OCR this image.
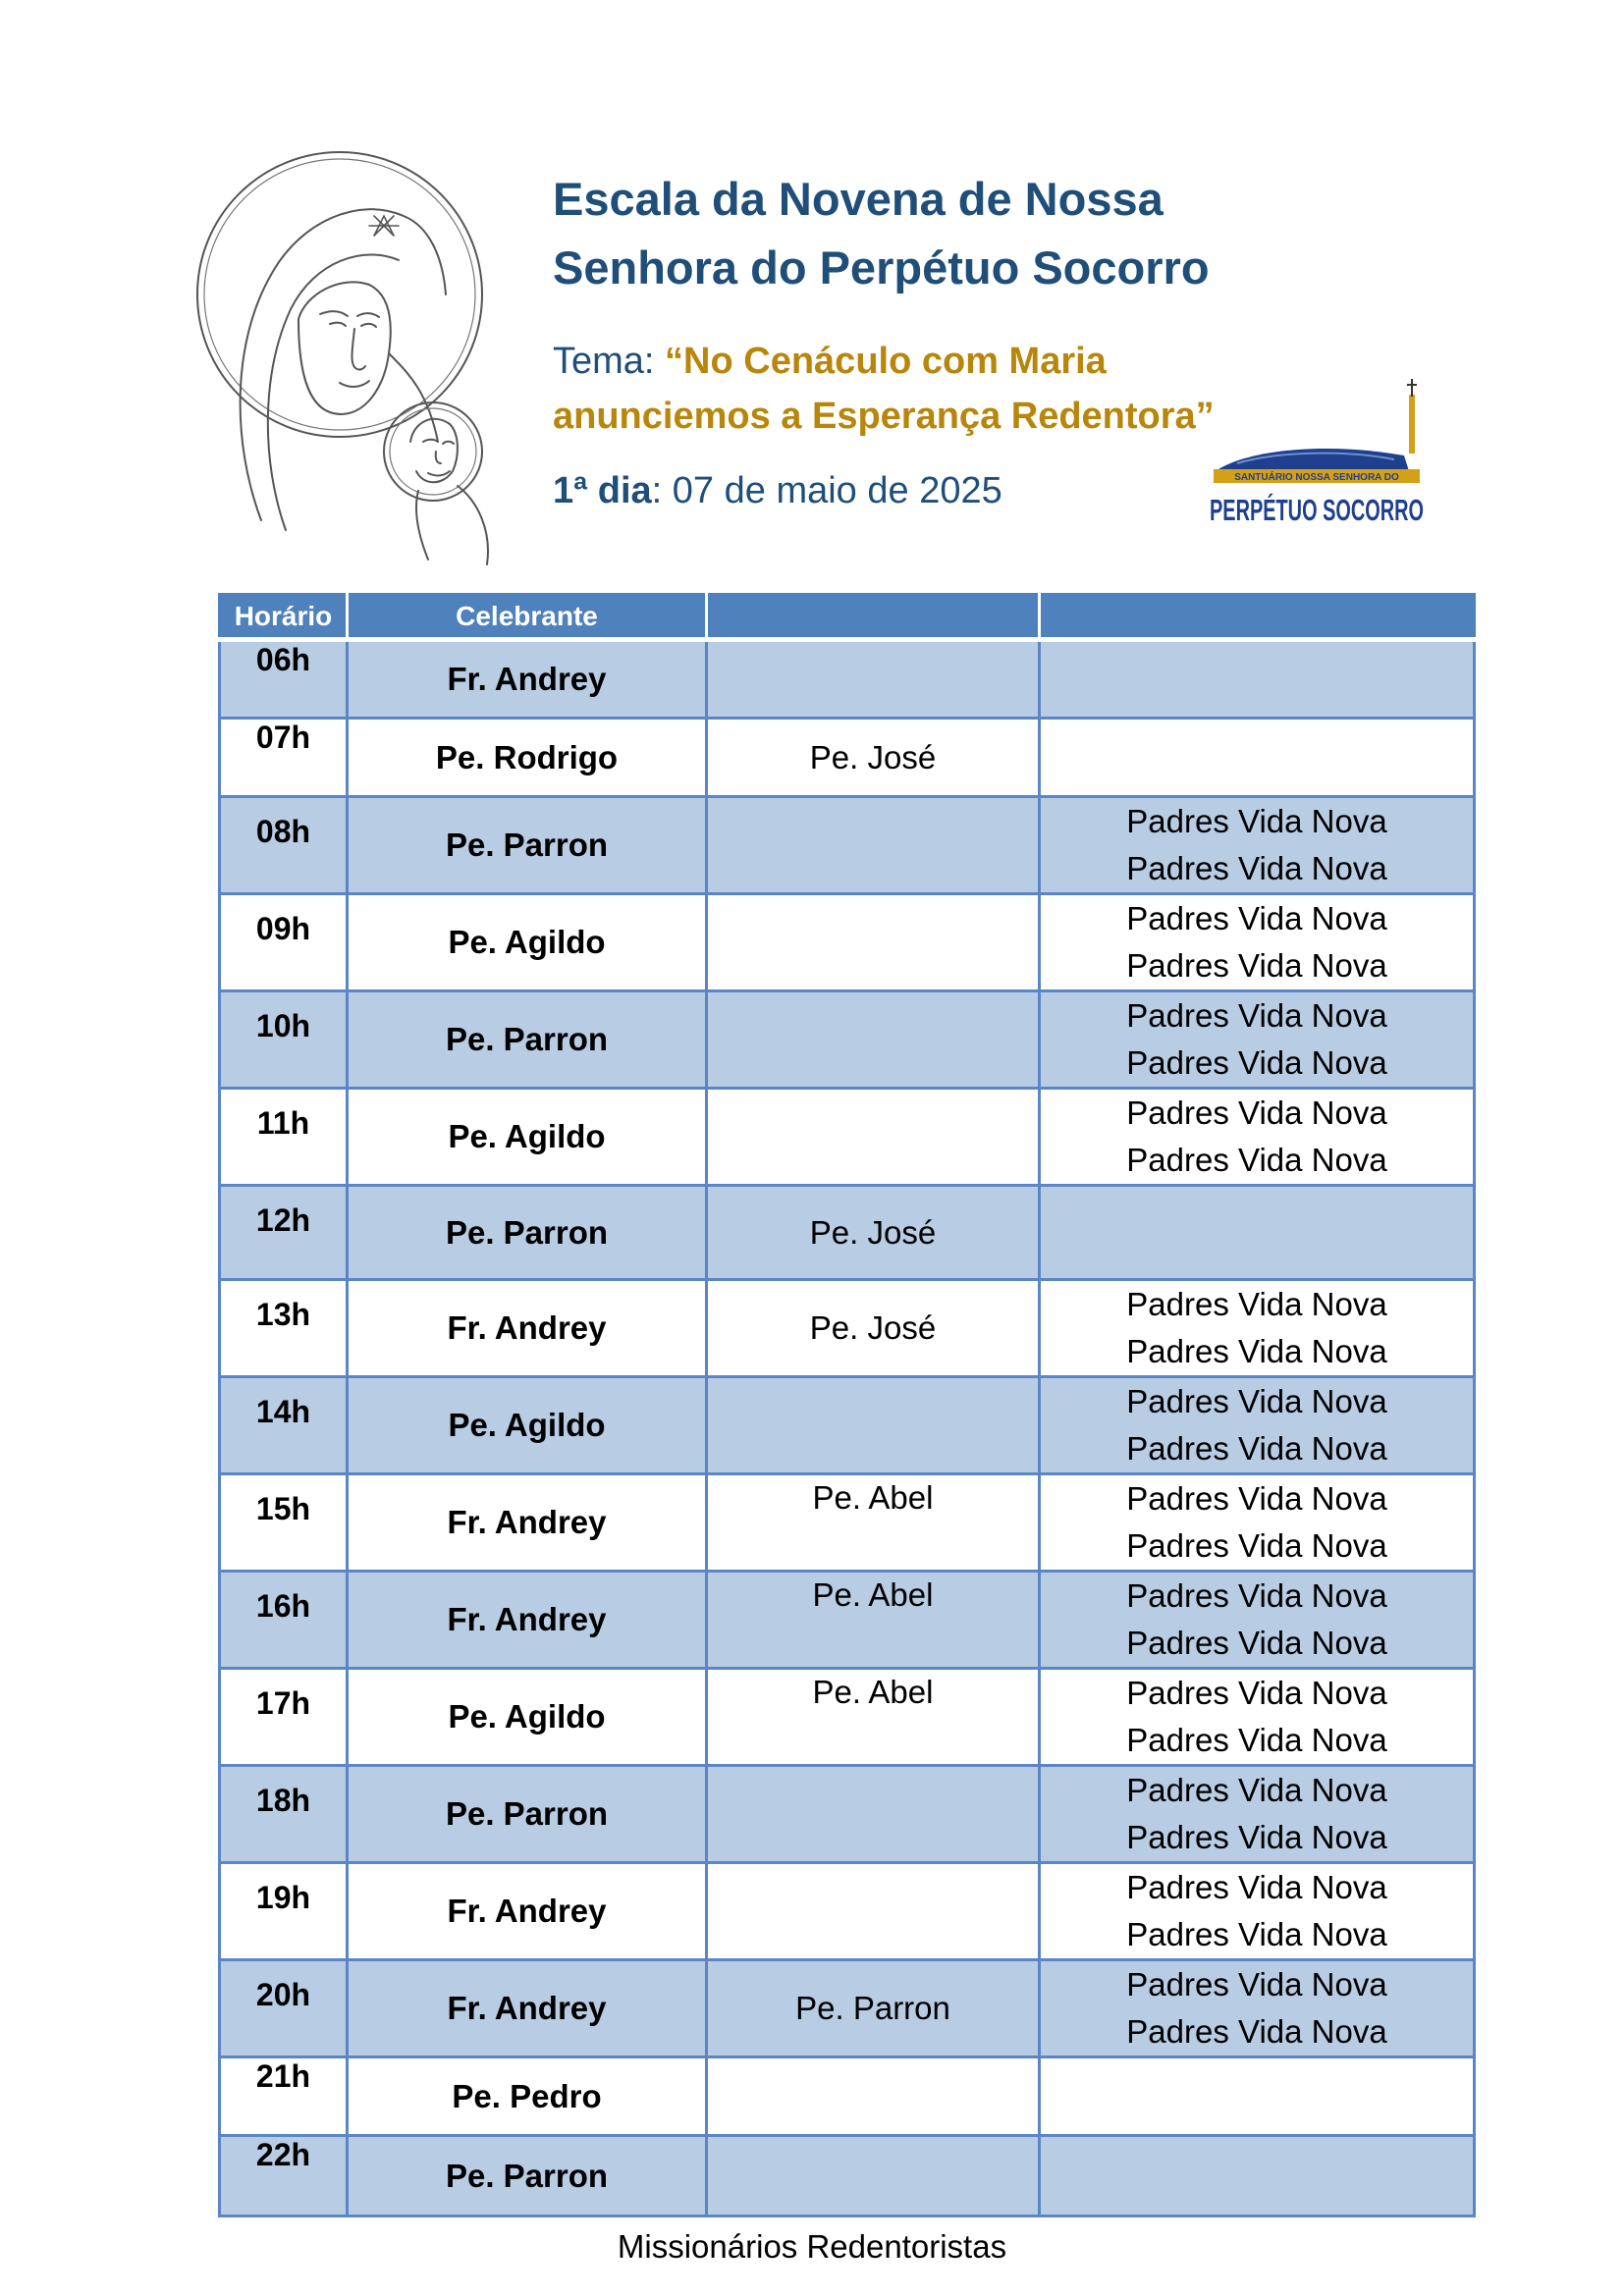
Escala da Novena de Nossa
Senhora do Perpétuo Socorro
Tema: “No Cenáculo com Maria
anunciemos a Esperança Redentora”
1ª dia: 07 de maio de 2025	SANTUÁRIO NOSSA SENHORA DO
PERPÉTUO SOCORRO
Horário	Celebrante		
06h	Fr. Andrey		

07h	Pe. Rodrigo	Pe. José	

08h	Pe. Parron		Padres Vida Nova
Padres Vida Nova

09h	Pe. Agildo		Padres Vida Nova
Padres Vida Nova

10h	Pe. Parron		Padres Vida Nova
Padres Vida Nova

11h	Pe. Agildo		Padres Vida Nova
Padres Vida Nova

12h	Pe. Parron	Pe. José	

13h	Fr. Andrey	Pe. José	Padres Vida Nova
Padres Vida Nova

14h	Pe. Agildo		Padres Vida Nova
Padres Vida Nova

15h	Fr. Andrey	Pe. Abel	Padres Vida Nova
Padres Vida Nova

16h	Fr. Andrey	Pe. Abel	Padres Vida Nova
Padres Vida Nova

17h	Pe. Agildo	Pe. Abel	Padres Vida Nova
Padres Vida Nova

18h	Pe. Parron		Padres Vida Nova
Padres Vida Nova

19h	Fr. Andrey		Padres Vida Nova
Padres Vida Nova

20h	Fr. Andrey	Pe. Parron	Padres Vida Nova
Padres Vida Nova

21h	Pe. Pedro		

22h	Pe. Parron		
Missionários Redentoristas
